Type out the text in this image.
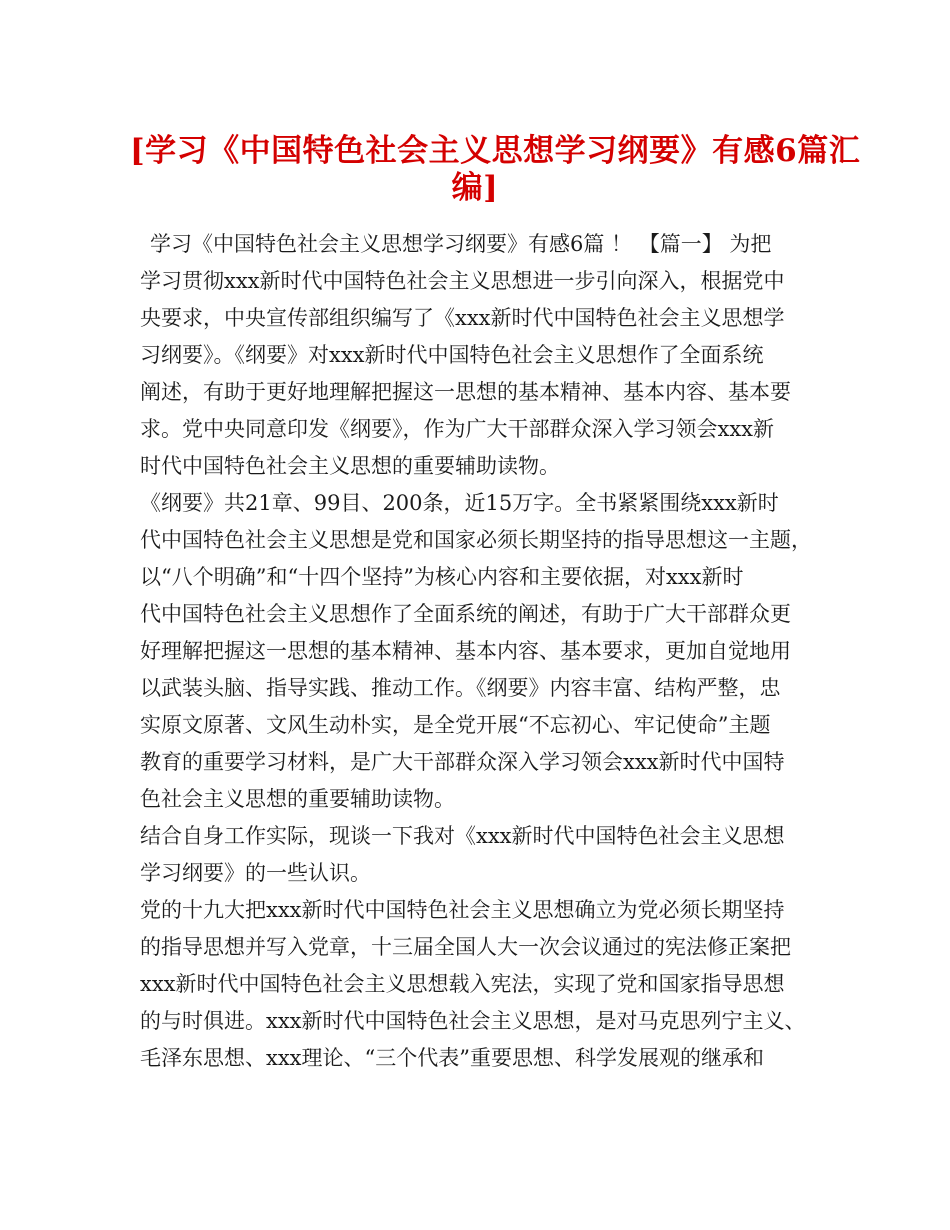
[学习《中国特色社会主义思想学习纲要》有感6篇汇
编]
学习《中国特色社会主义思想学习纲要》有感6篇 ！ 【篇一】 为把
学习贯彻xxx新时代中国特色社会主义思想进一步引向深入，根据党中
央要求，中央宣传部组织编写了《xxx新时代中国特色社会主义思想学
习纲要》。《纲要》对xxx新时代中国特色社会主义思想作了全面系统
阐述，有助于更好地理解把握这一思想的基本精神、基本内容、基本要
求。党中央同意印发《纲要》，作为广大干部群众深入学习领会xxx新
时代中国特色社会主义思想的重要辅助读物。
《纲要》共21章、99目、200条，近15万字。全书紧紧围绕xxx新时
代中国特色社会主义思想是党和国家必须长期坚持的指导思想这一主题，
以“八个明确”和“十四个坚持”为核心内容和主要依据，对xxx新时
代中国特色社会主义思想作了全面系统的阐述，有助于广大干部群众更
好理解把握这一思想的基本精神、基本内容、基本要求，更加自觉地用
以武装头脑、指导实践、推动工作。《纲要》内容丰富、结构严整，忠
实原文原著、文风生动朴实，是全党开展“不忘初心、牢记使命”主题
教育的重要学习材料，是广大干部群众深入学习领会xxx新时代中国特
色社会主义思想的重要辅助读物。
结合自身工作实际，现谈一下我对《xxx新时代中国特色社会主义思想
学习纲要》的一些认识。
党的十九大把xxx新时代中国特色社会主义思想确立为党必须长期坚持
的指导思想并写入党章，十三届全国人大一次会议通过的宪法修正案把
xxx新时代中国特色社会主义思想载入宪法，实现了党和国家指导思想
的与时俱进。xxx新时代中国特色社会主义思想，是对马克思列宁主义、
毛泽东思想、xxx理论、“三个代表”重要思想、科学发展观的继承和
